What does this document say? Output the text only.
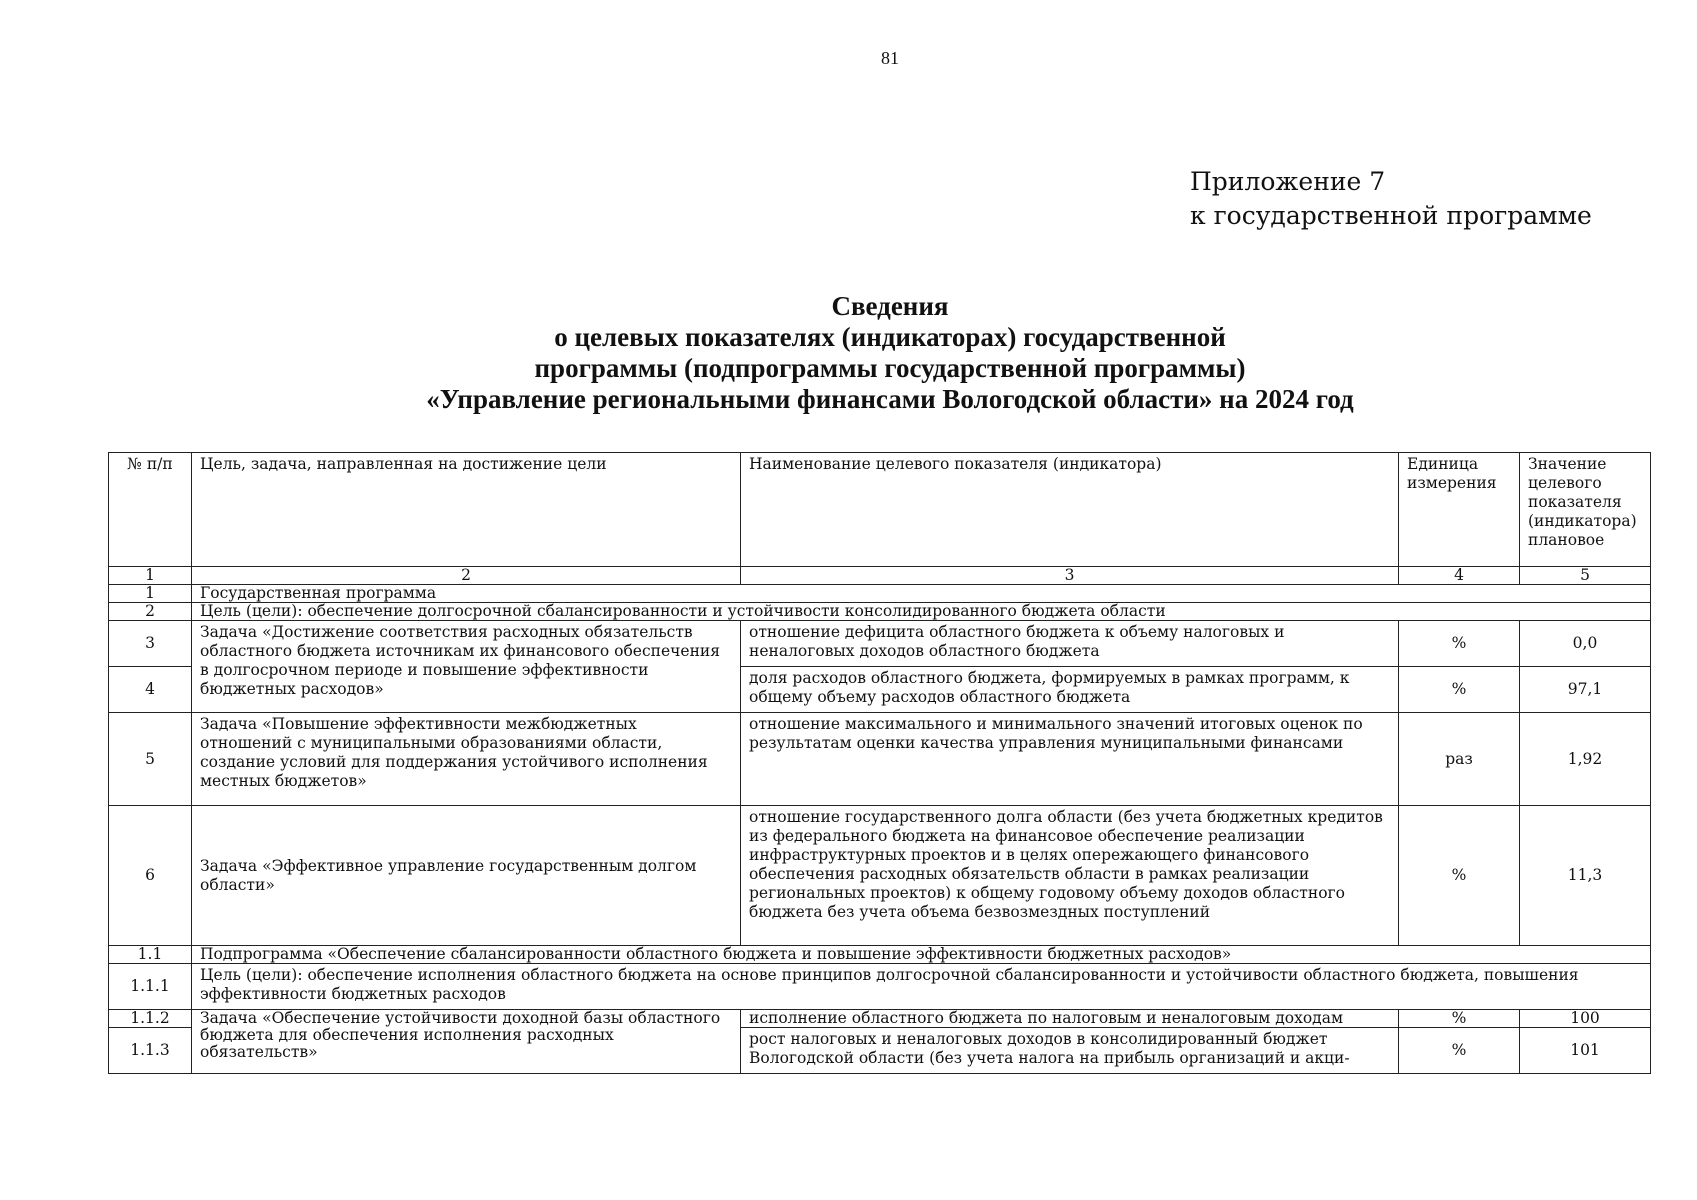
81
Приложение 7
к государственной программе
Сведения
о целевых показателях (индикаторах) государственной
программы (подпрограммы государственной программы)
«Управление региональными финансами Вологодской области» на 2024 год
№ п/п	Цель, задача, направленная на достижение цели	Наименование целевого показателя (индикатора)	Единица измерения	Значение целевого показателя (индикатора) плановое
1	2	3	4	5
1	Государственная программа			
2	Цель (цели): обеспечение долгосрочной сбалансированности и устойчивости консолидированного бюджета области			
3	Задача «Достижение соответствия расходных обязательств областного бюджета источникам их финансового обеспечения в долгосрочном периоде и повышение эффективности бюджетных расходов»	отношение дефицита областного бюджета к объему налоговых и неналоговых доходов областного бюджета	%	0,0
4		доля расходов областного бюджета, формируемых в рамках программ, к общему объему расходов областного бюджета	%	97,1
5	Задача «Повышение эффективности межбюджетных отношений с муниципальными образованиями области, создание условий для поддержания устойчивого исполнения местных бюджетов»	отношение максимального и минимального значений итоговых оценок по результатам оценки качества управления муниципальными финансами	раз	1,92
6	Задача «Эффективное управление государственным долгом области»	отношение государственного долга области (без учета бюджетных кредитов из федерального бюджета на финансовое обеспечение реализации инфраструктурных проектов и в целях опережающего финансового обеспечения расходных обязательств области в рамках реализации региональных проектов) к общему годовому объему доходов областного бюджета без учета объема безвозмездных поступлений	%	11,3
1.1	Подпрограмма «Обеспечение сбалансированности областного бюджета и повышение эффективности бюджетных расходов»			
1.1.1	Цель (цели): обеспечение исполнения областного бюджета на основе принципов долгосрочной сбалансированности и устойчивости областного бюджета, повышения эффективности бюджетных расходов			
1.1.2	Задача «Обеспечение устойчивости доходной базы областного бюджета для обеспечения исполнения расходных обязательств»	исполнение областного бюджета по налоговым и неналоговым доходам	%	100
1.1.3		рост налоговых и неналоговых доходов в консолидированный бюджет Вологодской области (без учета налога на прибыль организаций и акци-	%	101
